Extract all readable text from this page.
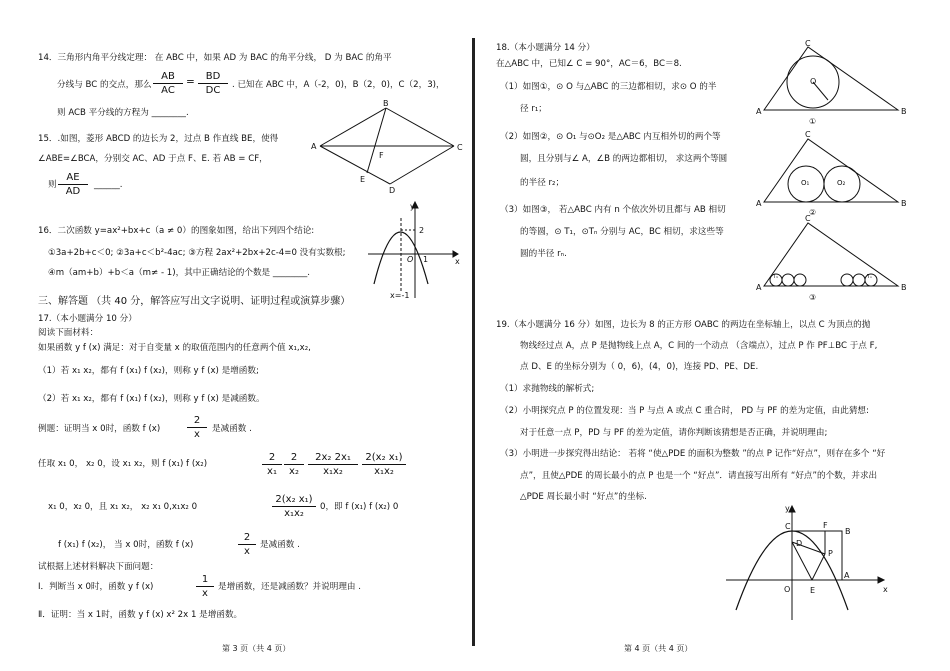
14．三角形内角平分线定理： 在 ABC 中，如果 AD 为 BAC 的角平分线， D 为 BAC 的角平
分线与 BC 的交点，那么 $\frac{AB}{AC} = \frac{BD}{DC}$ . 已知在 ABC 中，A（-2，0)，B（2，0)，C（2，3)，
则 ACB 平分线的方程为 ________.
15．.如图，菱形 ABCD 的边长为 2，过点 B 作直线 BE，使得
∠ABE=∠BCA，分别交 AC、AD 于点 F、E. 若 AB = CF，
则 $\frac{AE}{AD}$ ______.
A
B
C
D
E
F
16．二次函数 y=ax²+bx+c（a ≠ 0）的图象如图，给出下列四个结论:
①3a+2b+c＜0; ②3a+c＜b²-4ac; ③方程 2ax²+2bx+2c-4=0 没有实数根;
④m（am+b）+b＜a（m≠ - 1)，其中正确结论的个数是 ________.
y
2
O 1	x
x=-1
三、解答题 （共 40 分，解答应写出文字说明、证明过程或演算步骤）
17.（本小题满分 10 分）
阅读下面材料：
如果函数 y f (x) 满足：对于自变量 x 的取值范围内的任意两个值 x₁,x₂,
（1）若 x₁ x₂，都有 f (x₁) f (x₂)，则称 y f (x) 是增函数;
（2）若 x₁ x₂，都有 f (x₁) f (x₂)，则称 y f (x) 是减函数。
例题：证明当 x 0时，函数 f (x)	$\frac{2}{x}$ 是减函数 .
任取 x₁ 0， x₂ 0，设 x₁ x₂，则 f (x₁) f (x₂)	$\frac{2}{\text{x₁}} \frac{2}{\text{x₂}} \frac{\text{2x₂ 2x₁}}{\text{x₁x₂}} \frac{\text{2(x₂ x₁)}}{\text{x₁x₂}}$
x₁ 0，x₂ 0，且 x₁ x₂， x₂ x₁ 0,x₁x₂ 0	$\frac{\text{2(x₂ x₁)}}{\text{x₁x₂}} 0$，即 f (x₁) f (x₂) 0
f (x₁) f (x₂)， 当 x 0时，函数 f (x)	$\frac{2}{x}$ 是减函数 .
试根据上述材料解决下面问题：
Ⅰ．判断当 x 0时，函数 y f (x)	$\frac{1}{x}$ 是增函数，还是减函数？并说明理由 .
Ⅱ．证明：当 x 1时，函数 y f (x) x² 2x 1 是增函数。
第 3 页（共 4 页）
18.（本小题满分 14 分）
在△ABC 中，已知∠ C = 90°，AC＝6，BC＝8.
（1）如图①，⊙ O 与△ABC 的三边都相切，求⊙ O 的半
径 r₁；
（2）如图②，⊙ O₁ 与⊙O₂ 是△ABC 内互相外切的两个等
圆，且分别与∠ A，∠B 的两边都相切， 求这两个等圆
的半径 r₂；
（3）如图③， 若△ABC 内有 n 个依次外切且都与 AB 相切
的等圆，⊙ T₁，⊙Tₙ 分别与 AC，BC 相切，求这些等
圆的半径 rₙ.
C
O
A	B
①
C
A	B
O₁	O₂
②
C
A	B
T₁	Tₙ
③
19.（本小题满分 16 分）如图，边长为 8 的正方形 OABC 的两边在坐标轴上，以点 C 为顶点的抛
物线经过点 A，点 P 是抛物线上点 A，C 间的一个动点 （含端点），过点 P 作 PF⊥BC 于点 F,
点 D、E 的坐标分别为（ 0，6)，(4，0)，连接 PD、PE、DE.
（1）求抛物线的解析式;
（2）小明探究点 P 的位置发现：当 P 与点 A 或点 C 重合时， PD 与 PF 的差为定值，由此猜想:
对于任意一点 P，PD 与 PF 的差为定值，请你判断该猜想是否正确，并说明理由;
（3）小明进一步探究得出结论： 若将 “使△PDE 的面积为整数 ”的点 P 记作“好点”，则存在多个 “好
点”，且使△PDE 的周长最小的点 P 也是一个 “好点”．请直接写出所有 “好点”的个数，并求出
△PDE 周长最小时 “好点”的坐标.
y
C	F
B
D
P
O E
A
x
第 4 页（共 4 页）
